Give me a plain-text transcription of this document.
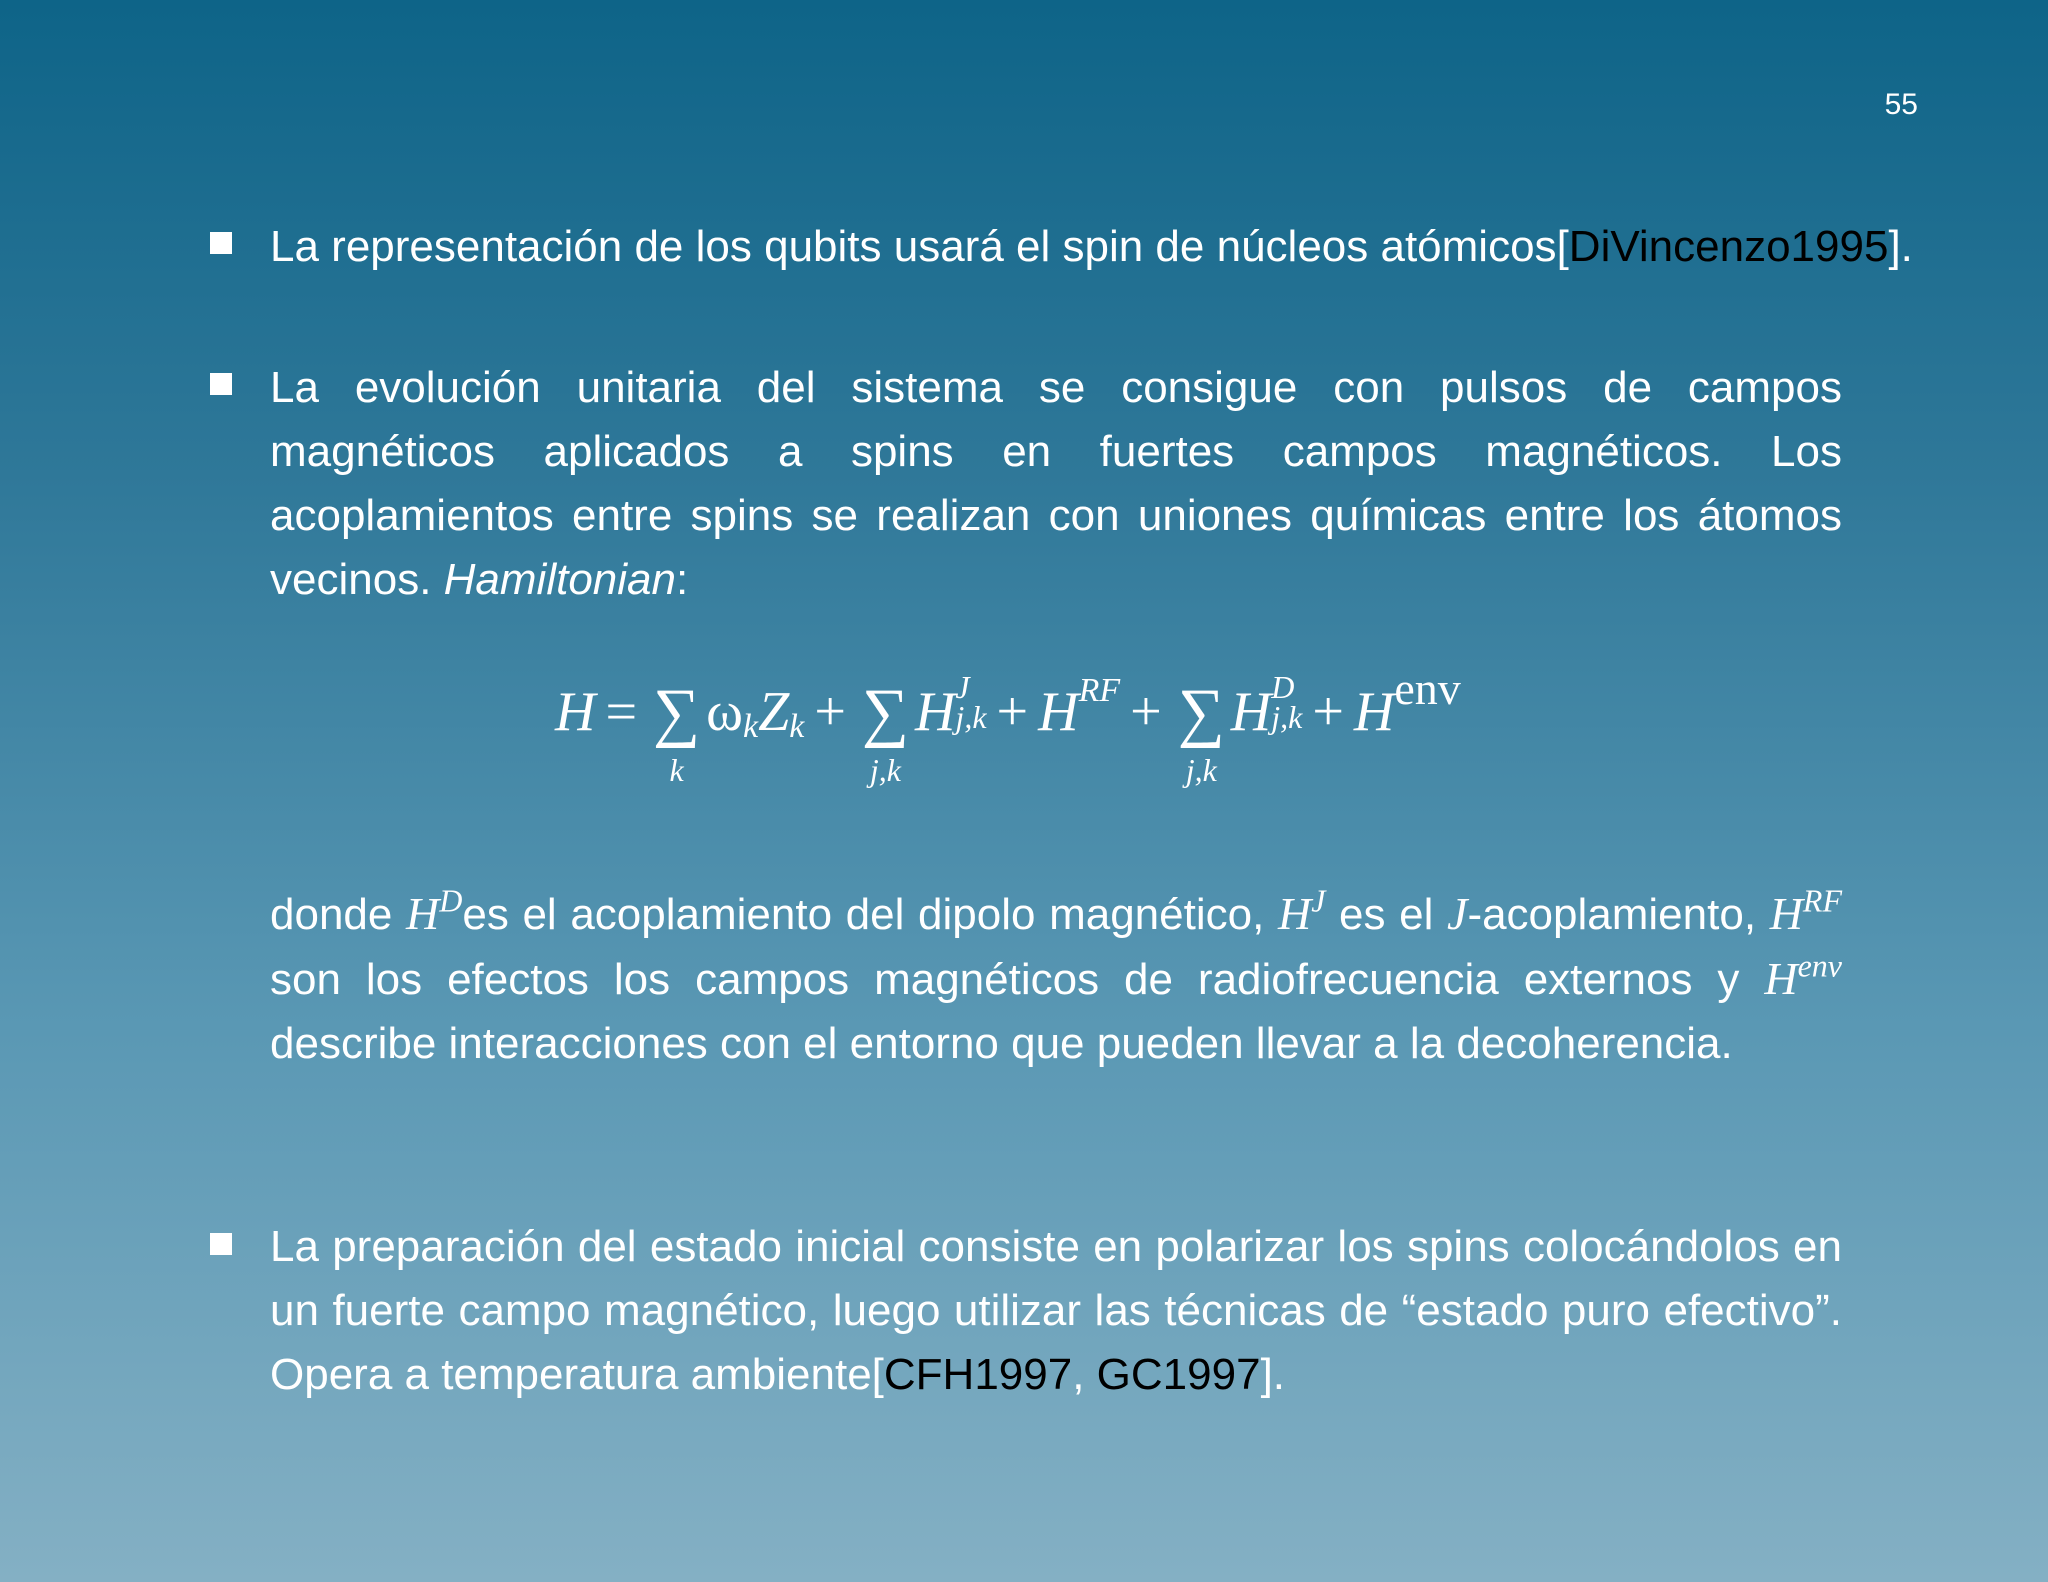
55
La representación de los qubits usará el spin de núcleos atómicos[DiVincenzo1995].
La evolución unitaria del sistema se consigue con pulsos de campos magnéticos aplicados a spins en fuertes campos magnéticos. Los acoplamientos entre spins se realizan con uniones químicas entre los átomos vecinos. Hamiltonian:
H = ∑
k
ω k Z k + ∑
j,k
H J
j,k + H RF + ∑
j,k
H D
j,k + H env
donde $H^Des$ el acoplamiento del dipolo magnético, $H^J$ es el J-acoplamiento, $H^{RF}$ son los efectos los campos magnéticos de radiofrecuencia externos y $H^{env}$ describe interacciones con el entorno que pueden llevar a la decoherencia.
La preparación del estado inicial consiste en polarizar los spins colocándolos en un fuerte campo magnético, luego utilizar las técnicas de “estado puro efectivo”. Opera a temperatura ambiente[CFH1997, GC1997].
